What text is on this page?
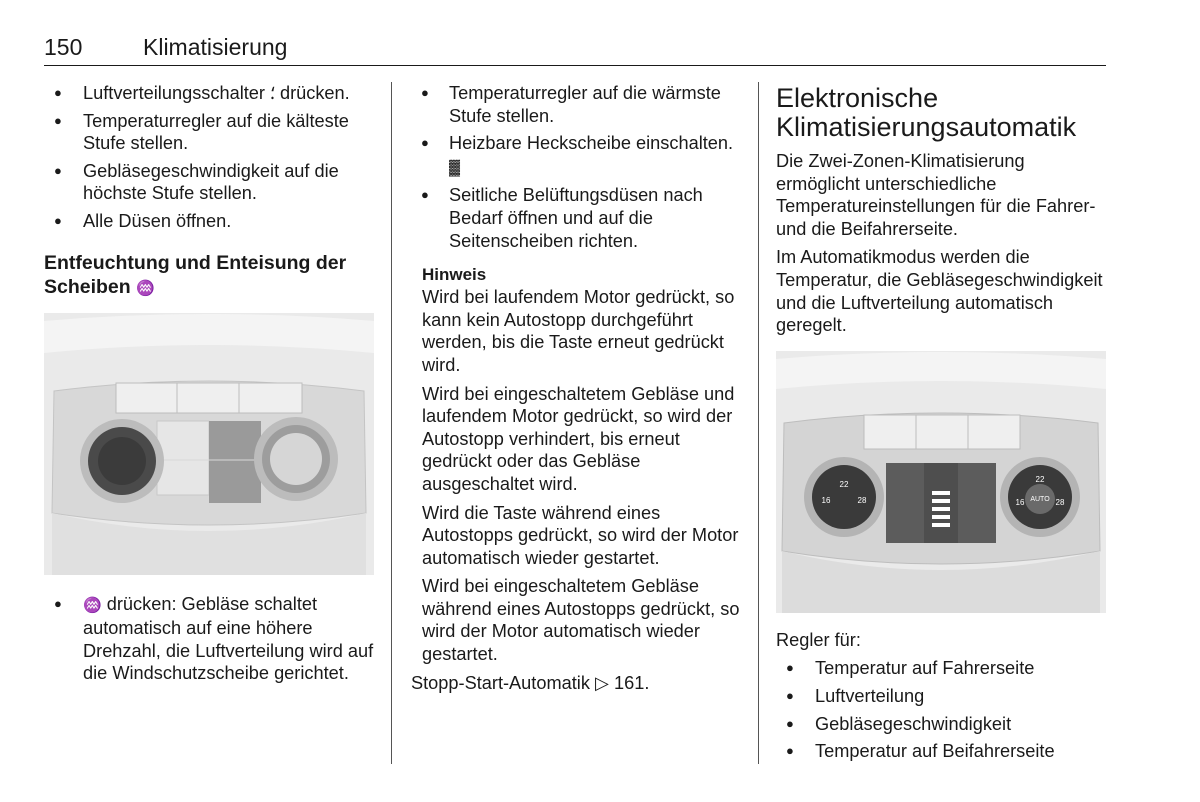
150	Klimatisierung
● Luftverteilungsschalter ⸵ drücken.
● Temperaturregler auf die kälteste Stufe stellen.
● Gebläsegeschwindigkeit auf die höchste Stufe stellen.
● Alle Düsen öffnen.
Entfeuchtung und Enteisung der Scheiben ♒
● ♒ drücken: Gebläse schaltet automatisch auf eine höhere Drehzahl, die Luftverteilung wird auf die Windschutzscheibe gerichtet.
● Temperaturregler auf die wärmste Stufe stellen.
● Heizbare Heckscheibe einschalten. ▓
● Seitliche Belüftungsdüsen nach Bedarf öffnen und auf die Seitenscheiben richten.
Hinweis
Wird bei laufendem Motor gedrückt, so kann kein Autostopp durchgeführt werden, bis die Taste erneut gedrückt wird.
Wird bei eingeschaltetem Gebläse und laufendem Motor gedrückt, so wird der Autostopp verhindert, bis erneut gedrückt oder das Gebläse ausgeschaltet wird.
Wird die Taste während eines Autostopps gedrückt, so wird der Motor automatisch wieder gestartet.
Wird bei eingeschaltetem Gebläse während eines Autostopps gedrückt, so wird der Motor automatisch wieder gestartet.
Stopp-Start-Automatik ▷ 161.
Elektronische Klimatisierungsautomatik
Die Zwei-Zonen-Klimatisierung ermöglicht unterschiedliche Temperatureinstellungen für die Fahrer- und die Beifahrerseite.
Im Automatikmodus werden die Temperatur, die Gebläsegeschwindigkeit und die Luftverteilung automatisch geregelt.
22
16	28	AUTO
22
16	28
Regler für:
● Temperatur auf Fahrerseite
● Luftverteilung
● Gebläsegeschwindigkeit
● Temperatur auf Beifahrerseite
